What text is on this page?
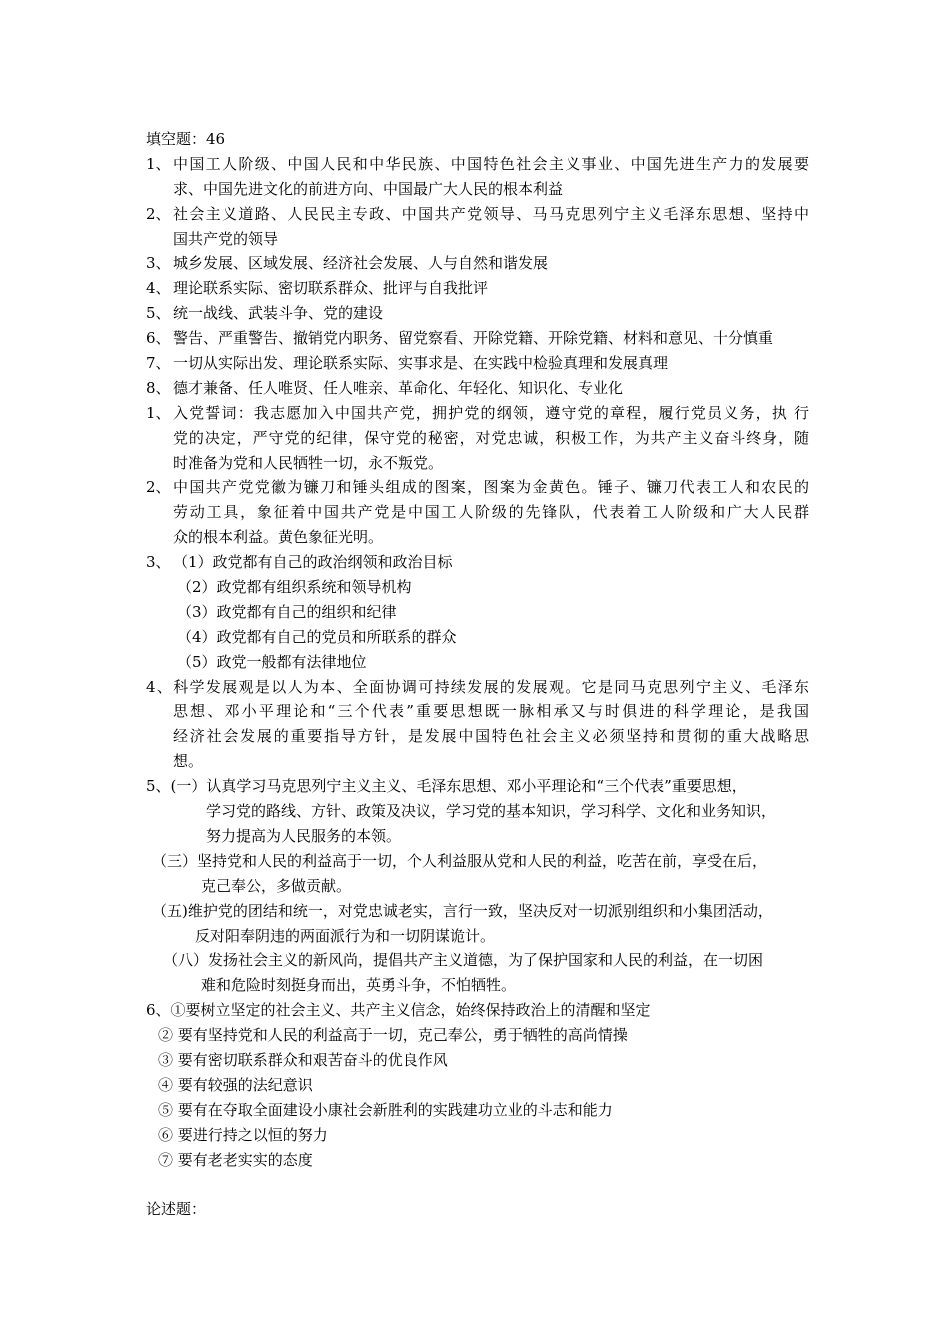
填空题：46
1、 中国工人阶级、中国人民和中华民族、中国特色社会主义事业、中国先进生产力的发展要
求、中国先进文化的前进方向、中国最广大人民的根本利益
2、 社会主义道路、人民民主专政、中国共产党领导、马马克思列宁主义毛泽东思想、坚持中
国共产党的领导
3、 城乡发展、区域发展、经济社会发展、人与自然和谐发展
4、 理论联系实际、密切联系群众、批评与自我批评
5、 统一战线、武装斗争、党的建设
6、 警告、严重警告、撤销党内职务、留党察看、开除党籍、开除党籍、材料和意见、十分慎重
7、 一切从实际出发、理论联系实际、实事求是、在实践中检验真理和发展真理
8、 德才兼备、任人唯贤、任人唯亲、革命化、年轻化、知识化、专业化
1、 入党誓词：我志愿加入中国共产党，拥护党的纲领，遵守党的章程，履行党员义务，执 行
党的决定，严守党的纪律，保守党的秘密，对党忠诚，积极工作，为共产主义奋斗终身，随
时准备为党和人民牺牲一切，永不叛党。
2、 中国共产党党徽为镰刀和锤头组成的图案，图案为金黄色。锤子、镰刀代表工人和农民的
劳动工具，象征着中国共产党是中国工人阶级的先锋队，代表着工人阶级和广大人民群
众的根本利益。黄色象征光明。
3、 （1）政党都有自己的政治纲领和政治目标
（2）政党都有组织系统和领导机构
（3）政党都有自己的组织和纪律
（4）政党都有自己的党员和所联系的群众
（5）政党一般都有法律地位
4、科学发展观是以人为本、全面协调可持续发展的发展观。它是同马克思列宁主义、毛泽东
思想、邓小平理论和“三个代表”重要思想既一脉相承又与时俱进的科学理论，是我国
经济社会发展的重要指导方针，是发展中国特色社会主义必须坚持和贯彻的重大战略思
想。
5、(一）认真学习马克思列宁主义主义、毛泽东思想、邓小平理论和“三个代表”重要思想，
学习党的路线、方针、政策及决议，学习党的基本知识，学习科学、文化和业务知识，
努力提高为人民服务的本领。
（三）坚持党和人民的利益高于一切，个人利益服从党和人民的利益，吃苦在前，享受在后，
克己奉公，多做贡献。
（五)维护党的团结和统一，对党忠诚老实，言行一致，坚决反对一切派别组织和小集团活动，
反对阳奉阴违的两面派行为和一切阴谋诡计。
（八）发扬社会主义的新风尚，提倡共产主义道德，为了保护国家和人民的利益，在一切困
难和危险时刻挺身而出，英勇斗争，不怕牺牲。
6、①要树立坚定的社会主义、共产主义信念，始终保持政治上的清醒和坚定
② 要有坚持党和人民的利益高于一切，克己奉公，勇于牺牲的高尚情操
③ 要有密切联系群众和艰苦奋斗的优良作风
④ 要有较强的法纪意识
⑤ 要有在夺取全面建设小康社会新胜利的实践建功立业的斗志和能力
⑥ 要进行持之以恒的努力
⑦ 要有老老实实的态度
论述题：
